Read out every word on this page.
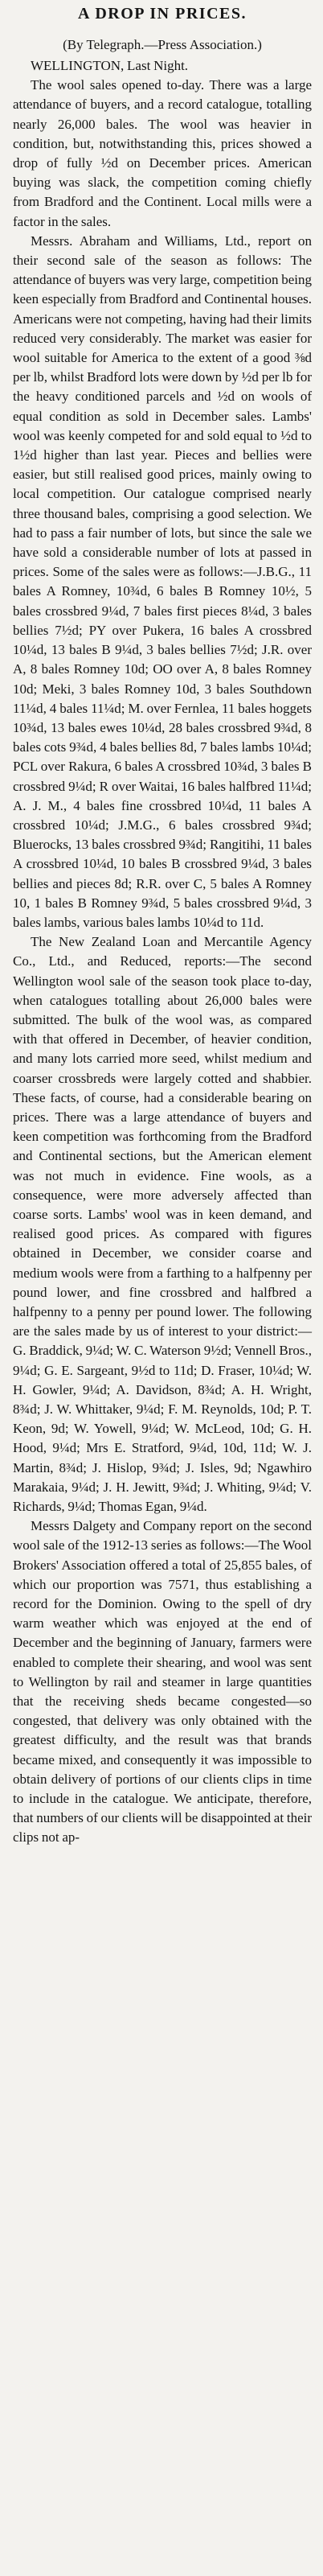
A DROP IN PRICES.

(By Telegraph.—Press Association.)

WELLINGTON, Last Night.

The wool sales opened to-day. There was a large attendance of buyers, and a record catalogue, totalling nearly 26,000 bales. The wool was heavier in condition, but, notwithstanding this, prices showed a drop of fully ½d on December prices. American buying was slack, the competition coming chiefly from Bradford and the Continent. Local mills were a factor in the sales.

Messrs. Abraham and Williams, Ltd., report on their second sale of the season as follows: The attendance of buyers was very large, competition being keen especially from Bradford and Continental houses. Americans were not competing, having had their limits reduced very considerably. The market was easier for wool suitable for America to the extent of a good ⅜d per lb, whilst Bradford lots were down by ½d per lb for the heavy conditioned parcels and ½d on wools of equal condition as sold in December sales. Lambs' wool was keenly competed for and sold equal to ½d to 1½d higher than last year. Pieces and bellies were easier, but still realised good prices, mainly owing to local competition. Our catalogue comprised nearly three thousand bales, comprising a good selection. We had to pass a fair number of lots, but since the sale we have sold a considerable number of lots at passed in prices. Some of the sales were as follows:—J.B.G., 11 bales A Romney, 10¾d, 6 bales B Romney 10½, 5 bales crossbred 9¼d, 7 bales first pieces 8¼d, 3 bales bellies 7½d; PY over Pukera, 16 bales A crossbred 10¼d, 13 bales B 9¼d, 3 bales bellies 7½d; J.R. over A, 8 bales Romney 10d; OO over A, 8 bales Romney 10d; Meki, 3 bales Romney 10d, 3 bales Southdown 11¼d, 4 bales 11¼d; M. over Fernlea, 11 bales hoggets 10¾d, 13 bales ewes 10¼d, 28 bales crossbred 9¾d, 8 bales cots 9¾d, 4 bales bellies 8d, 7 bales lambs 10¼d; PCL over Rakura, 6 bales A crossbred 10¾d, 3 bales B crossbred 9¼d; R over Waitai, 16 bales halfbred 11¼d; A. J. M., 4 bales fine crossbred 10¼d, 11 bales A crossbred 10¼d; J.M.G., 6 bales crossbred 9¾d; Bluerocks, 13 bales crossbred 9¾d; Rangitihi, 11 bales A crossbred 10¼d, 10 bales B crossbred 9¼d, 3 bales bellies and pieces 8d; R.R. over C, 5 bales A Romney 10, 1 bales B Romney 9¾d, 5 bales crossbred 9¼d, 3 bales lambs, various bales lambs 10¼d to 11d.

The New Zealand Loan and Mercantile Agency Co., Ltd., and Reduced, reports:—The second Wellington wool sale of the season took place to-day, when catalogues totalling about 26,000 bales were submitted. The bulk of the wool was, as compared with that offered in December, of heavier condition, and many lots carried more seed, whilst medium and coarser crossbreds were largely cotted and shabbier. These facts, of course, had a considerable bearing on prices. There was a large attendance of buyers and keen competition was forthcoming from the Bradford and Continental sections, but the American element was not much in evidence. Fine wools, as a consequence, were more adversely affected than coarse sorts. Lambs' wool was in keen demand, and realised good prices. As compared with figures obtained in December, we consider coarse and medium wools were from a farthing to a halfpenny per pound lower, and fine crossbred and halfbred a halfpenny to a penny per pound lower. The following are the sales made by us of interest to your district:—G. Braddick, 9¼d; W. C. Waterson 9½d; Vennell Bros., 9¼d; G. E. Sargeant, 9½d to 11d; D. Fraser, 10¼d; W. H. Gowler, 9¼d; A. Davidson, 8¾d; A. H. Wright, 8¾d; J. W. Whittaker, 9¼d; F. M. Reynolds, 10d; P. T. Keon, 9d; W. Yowell, 9¼d; W. McLeod, 10d; G. H. Hood, 9¼d; Mrs E. Stratford, 9¼d, 10d, 11d; W. J. Martin, 8¾d; J. Hislop, 9¾d; J. Isles, 9d; Ngawhiro Marakaia, 9¼d; J. H. Jewitt, 9¾d; J. Whiting, 9¼d; V. Richards, 9¼d; Thomas Egan, 9¼d.

Messrs Dalgety and Company report on the second wool sale of the 1912-13 series as follows:—The Wool Brokers' Association offered a total of 25,855 bales, of which our proportion was 7571, thus establishing a record for the Dominion. Owing to the spell of dry warm weather which was enjoyed at the end of December and the beginning of January, farmers were enabled to complete their shearing, and wool was sent to Wellington by rail and steamer in large quantities that the receiving sheds became congested—so congested, that delivery was only obtained with the greatest difficulty, and the result was that brands became mixed, and consequently it was impossible to obtain delivery of portions of our clients clips in time to include in the catalogue. We anticipate, therefore, that numbers of our clients will be disappointed at their clips not ap-
